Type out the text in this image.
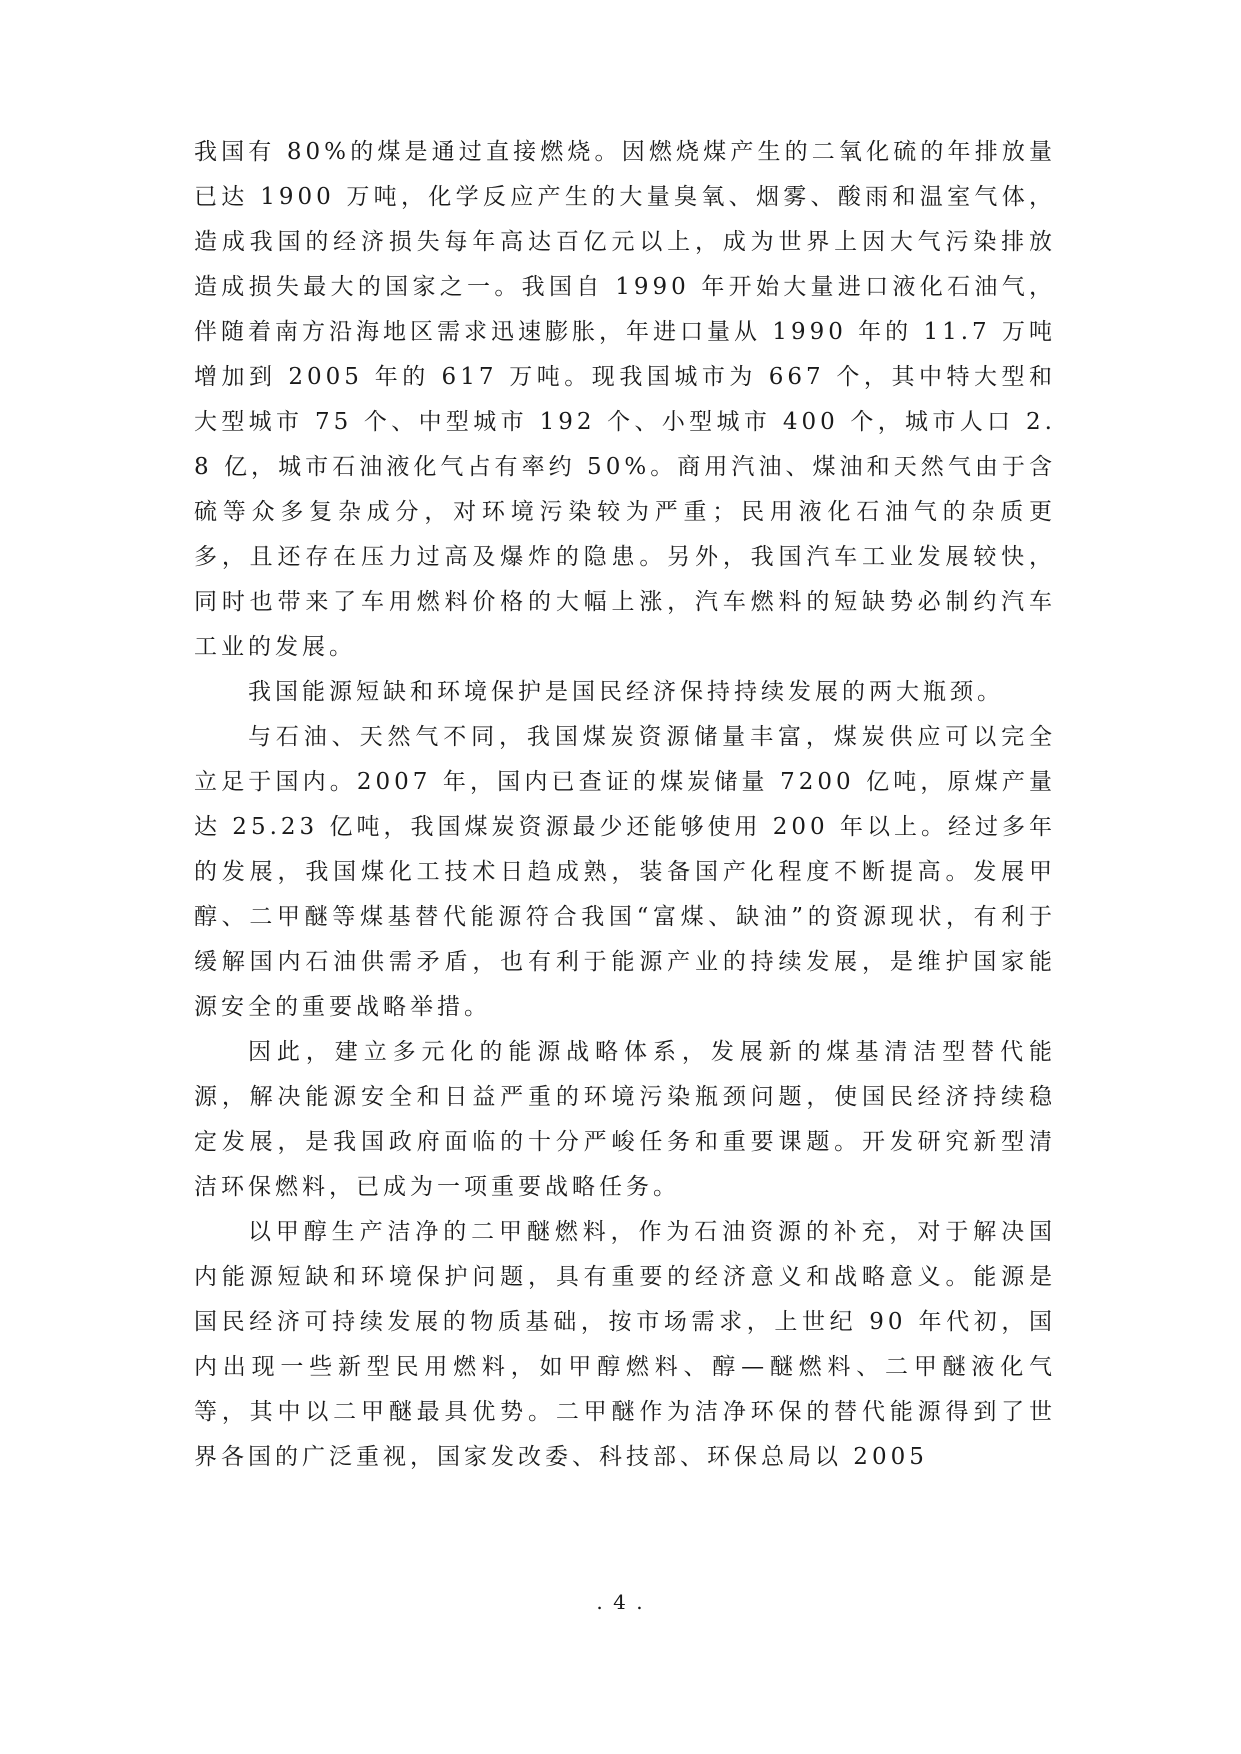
我国有 80%的煤是通过直接燃烧。因燃烧煤产生的二氧化硫的年排放量已达 1900 万吨，化学反应产生的大量臭氧、烟雾、酸雨和温室气体，造成我国的经济损失每年高达百亿元以上，成为世界上因大气污染排放造成损失最大的国家之一。我国自 1990 年开始大量进口液化石油气，伴随着南方沿海地区需求迅速膨胀，年进口量从 1990 年的 11.7 万吨增加到 2005 年的 617 万吨。现我国城市为 667 个，其中特大型和大型城市 75 个、中型城市 192 个、小型城市 400 个，城市人口 2.8 亿，城市石油液化气占有率约 50%。商用汽油、煤油和天然气由于含硫等众多复杂成分，对环境污染较为严重；民用液化石油气的杂质更多，且还存在压力过高及爆炸的隐患。另外，我国汽车工业发展较快，同时也带来了车用燃料价格的大幅上涨，汽车燃料的短缺势必制约汽车工业的发展。

我国能源短缺和环境保护是国民经济保持持续发展的两大瓶颈。

与石油、天然气不同，我国煤炭资源储量丰富，煤炭供应可以完全立足于国内。2007 年，国内已查证的煤炭储量 7200 亿吨，原煤产量达 25.23 亿吨，我国煤炭资源最少还能够使用 200 年以上。经过多年的发展，我国煤化工技术日趋成熟，装备国产化程度不断提高。发展甲醇、二甲醚等煤基替代能源符合我国“富煤、缺油”的资源现状，有利于缓解国内石油供需矛盾，也有利于能源产业的持续发展，是维护国家能源安全的重要战略举措。

因此，建立多元化的能源战略体系，发展新的煤基清洁型替代能源，解决能源安全和日益严重的环境污染瓶颈问题，使国民经济持续稳定发展，是我国政府面临的十分严峻任务和重要课题。开发研究新型清洁环保燃料，已成为一项重要战略任务。

以甲醇生产洁净的二甲醚燃料，作为石油资源的补充，对于解决国内能源短缺和环境保护问题，具有重要的经济意义和战略意义。能源是国民经济可持续发展的物质基础，按市场需求，上世纪 90 年代初，国内出现一些新型民用燃料，如甲醇燃料、醇—醚燃料、二甲醚液化气等，其中以二甲醚最具优势。二甲醚作为洁净环保的替代能源得到了世界各国的广泛重视，国家发改委、科技部、环保总局以 2005

. 4 .
